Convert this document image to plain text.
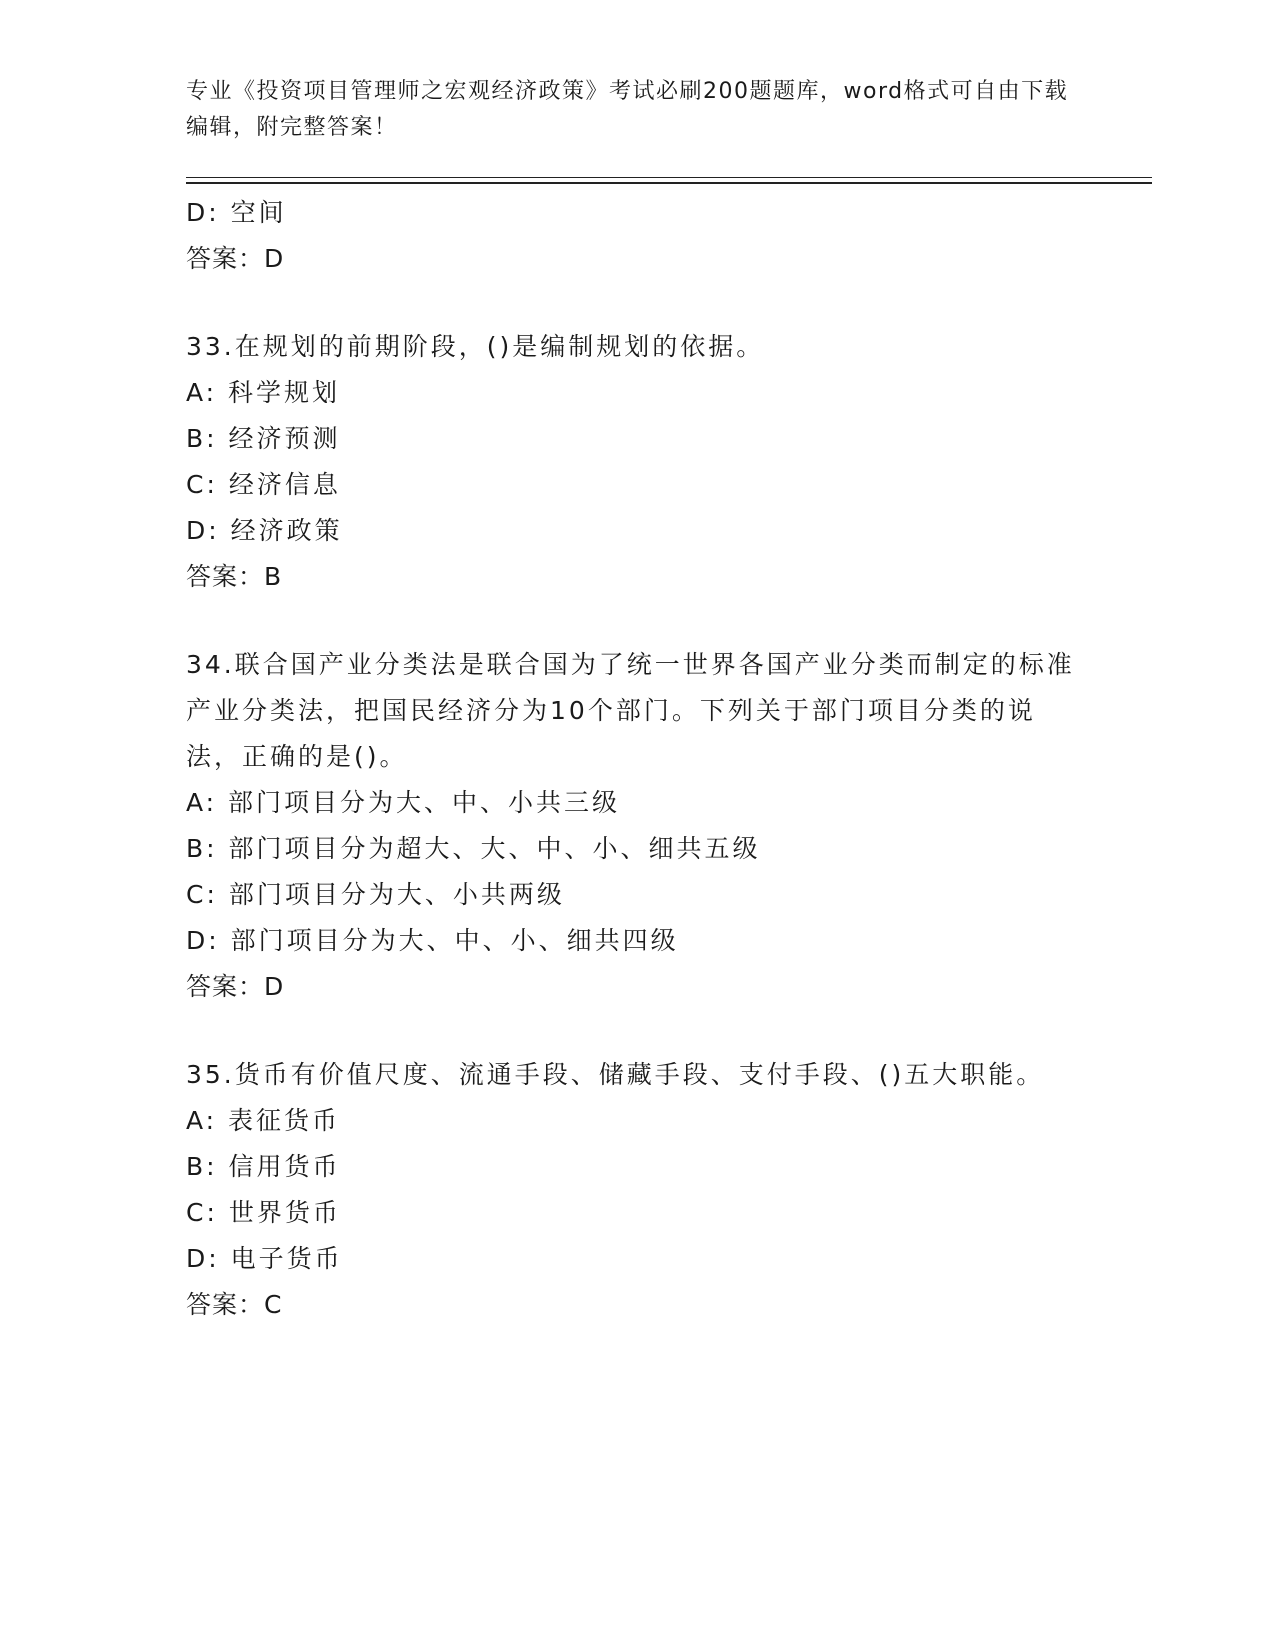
专业《投资项目管理师之宏观经济政策》考试必刷200题题库，word格式可自由下载编辑，附完整答案！
D: 空间
答案：D
33.在规划的前期阶段，()是编制规划的依据。
A: 科学规划
B: 经济预测
C: 经济信息
D: 经济政策
答案：B
34.联合国产业分类法是联合国为了统一世界各国产业分类而制定的标准产业分类法，把国民经济分为10个部门。下列关于部门项目分类的说法，正确的是()。
A: 部门项目分为大、中、小共三级
B: 部门项目分为超大、大、中、小、细共五级
C: 部门项目分为大、小共两级
D: 部门项目分为大、中、小、细共四级
答案：D
35.货币有价值尺度、流通手段、储藏手段、支付手段、()五大职能。
A: 表征货币
B: 信用货币
C: 世界货币
D: 电子货币
答案：C
